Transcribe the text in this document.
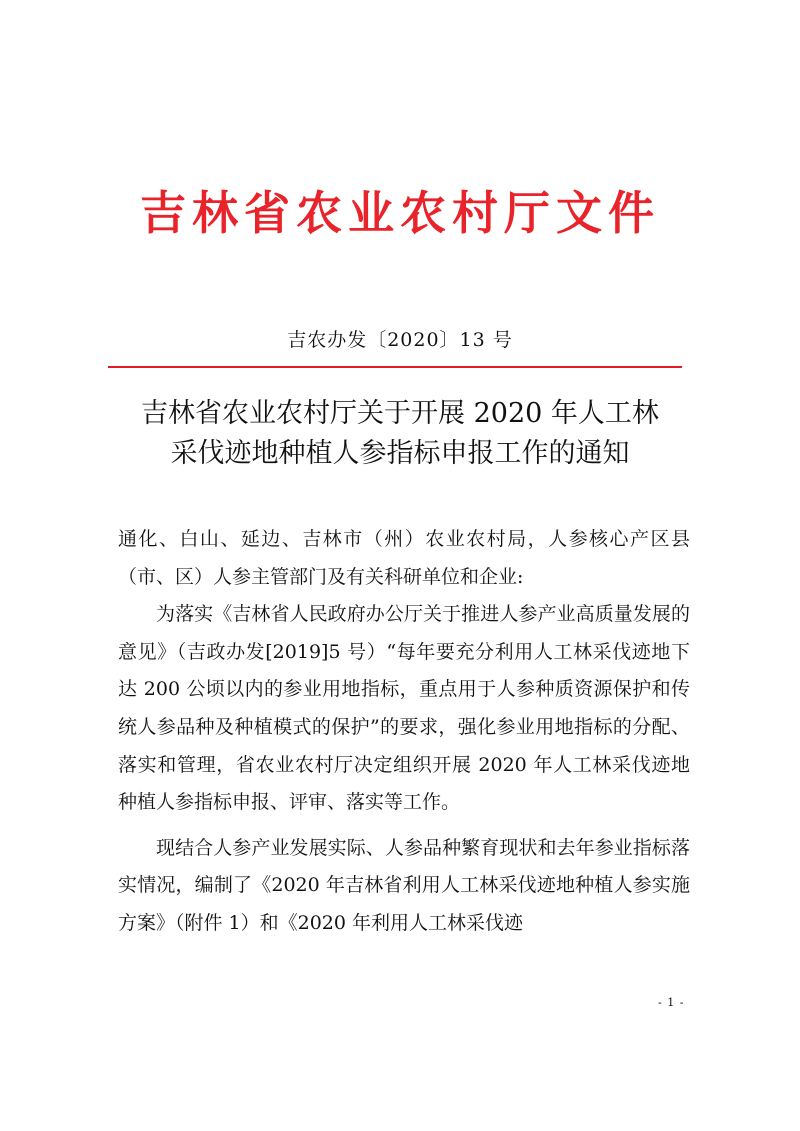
吉林省农业农村厅文件
吉农办发〔2020〕13 号
吉林省农业农村厅关于开展 2020 年人工林
采伐迹地种植人参指标申报工作的通知

通化、白山、延边、吉林市（州）农业农村局，人参核心产区县（市、区）人参主管部门及有关科研单位和企业:

为落实《吉林省人民政府办公厅关于推进人参产业高质量发展的意见》（吉政办发[2019]5 号）“每年要充分利用人工林采伐迹地下达 200 公顷以内的参业用地指标，重点用于人参种质资源保护和传统人参品种及种植模式的保护”的要求，强化参业用地指标的分配、落实和管理，省农业农村厅决定组织开展 2020 年人工林采伐迹地种植人参指标申报、评审、落实等工作。

现结合人参产业发展实际、人参品种繁育现状和去年参业指标落实情况，编制了《2020 年吉林省利用人工林采伐迹地种植人参实施方案》（附件 1）和《2020 年利用人工林采伐迹

- 1 -
